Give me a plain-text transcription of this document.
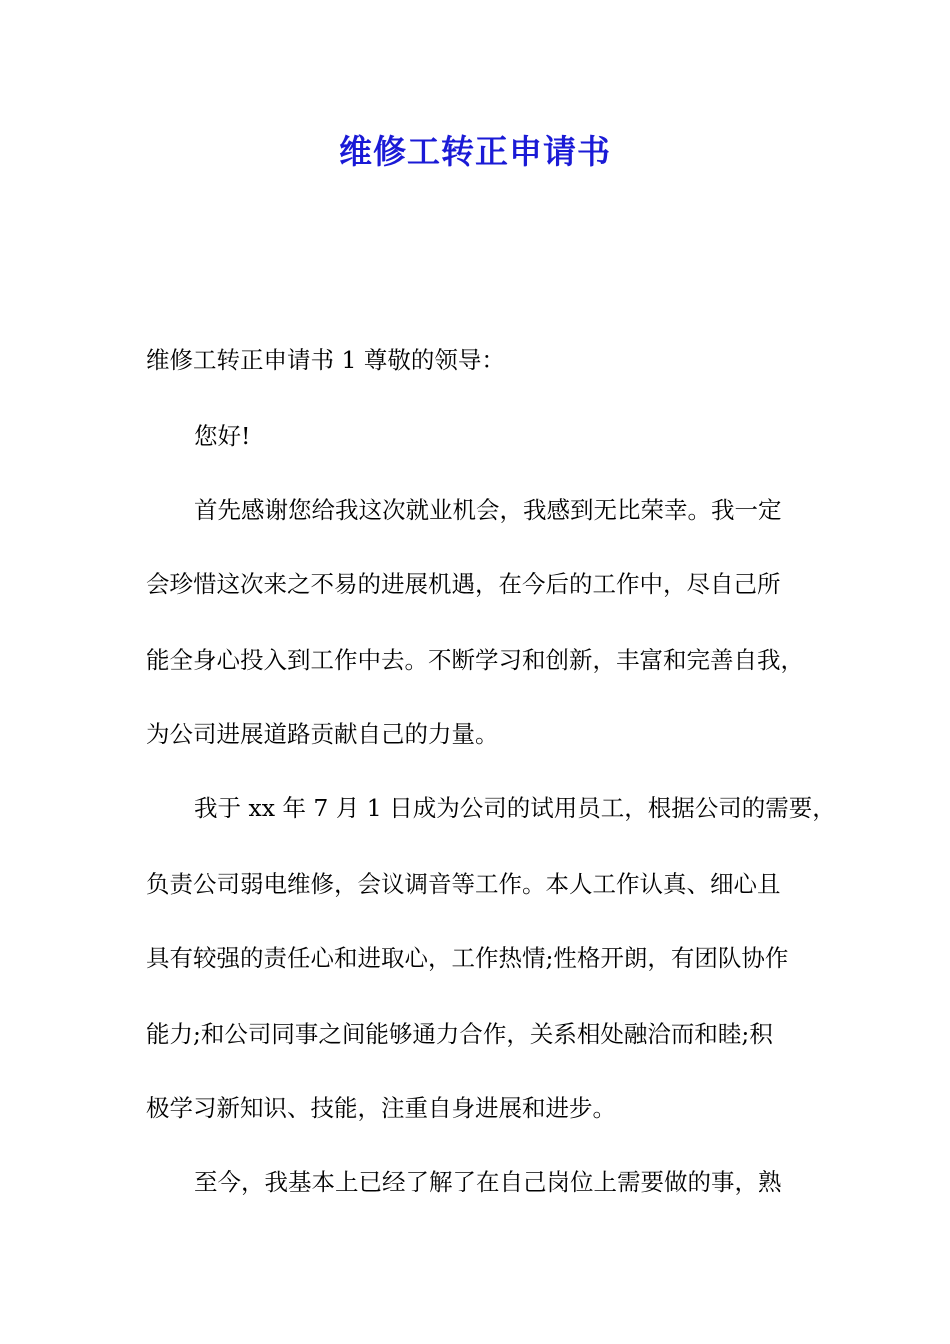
维修工转正申请书
维修工转正申请书 1 尊敬的领导：
您好!
首先感谢您给我这次就业机会，我感到无比荣幸。我一定
会珍惜这次来之不易的进展机遇，在今后的工作中，尽自己所
能全身心投入到工作中去。不断学习和创新，丰富和完善自我，
为公司进展道路贡献自己的力量。
我于 xx 年 7 月 1 日成为公司的试用员工，根据公司的需要，
负责公司弱电维修，会议调音等工作。本人工作认真、细心且
具有较强的责任心和进取心，工作热情;性格开朗，有团队协作
能力;和公司同事之间能够通力合作，关系相处融洽而和睦;积
极学习新知识、技能，注重自身进展和进步。
至今，我基本上已经了解了在自己岗位上需要做的事，熟
